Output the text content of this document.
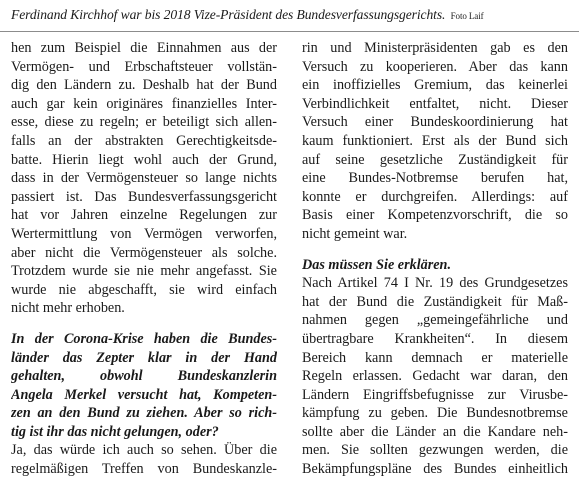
Ferdinand Kirchhof war bis 2018 Vize-Präsident des Bundesverfassungsgerichts. Foto Laif
hen zum Beispiel die Einnahmen aus der
Vermögen- und Erbschaftsteuer vollstän-
dig den Ländern zu. Deshalb hat der Bund
auch gar kein originäres finanzielles Inter-
esse, diese zu regeln; er beteiligt sich allen-
falls an der abstrakten Gerechtigkeitsde-
batte. Hierin liegt wohl auch der Grund,
dass in der Vermögensteuer so lange nichts
passiert ist. Das Bundesverfassungsgericht
hat vor Jahren einzelne Regelungen zur
Wertermittlung von Vermögen verworfen,
aber nicht die Vermögensteuer als solche.
Trotzdem wurde sie nie mehr angefasst. Sie
wurde nie abgeschafft, sie wird einfach
nicht mehr erhoben.
In der Corona-Krise haben die Bundes-
länder das Zepter klar in der Hand
gehalten, obwohl Bundeskanzlerin
Angela Merkel versucht hat, Kompeten-
zen an den Bund zu ziehen. Aber so rich-
tig ist ihr das nicht gelungen, oder?
Ja, das würde ich auch so sehen. Über die
regelmäßigen Treffen von Bundeskanzle-
rin und Ministerpräsidenten gab es den
Versuch zu kooperieren. Aber das kann
ein inoffizielles Gremium, das keinerlei
Verbindlichkeit entfaltet, nicht. Dieser
Versuch einer Bundeskoordinierung hat
kaum funktioniert. Erst als der Bund sich
auf seine gesetzliche Zuständigkeit für
eine Bundes-Notbremse berufen hat,
konnte er durchgreifen. Allerdings: auf
Basis einer Kompetenzvorschrift, die so
nicht gemeint war.
Das müssen Sie erklären.
Nach Artikel 74 I Nr. 19 des Grundgesetzes
hat der Bund die Zuständigkeit für Maß-
nahmen gegen „gemeingefährliche und
übertragbare Krankheiten“. In diesem
Bereich kann demnach er materielle
Regeln erlassen. Gedacht war daran, den
Ländern Eingriffsbefugnisse zur Virusbe-
kämpfung zu geben. Die Bundesnotbremse
sollte aber die Länder an die Kandare neh-
men. Sie sollten gezwungen werden, die
Bekämpfungspläne des Bundes einheitlich
